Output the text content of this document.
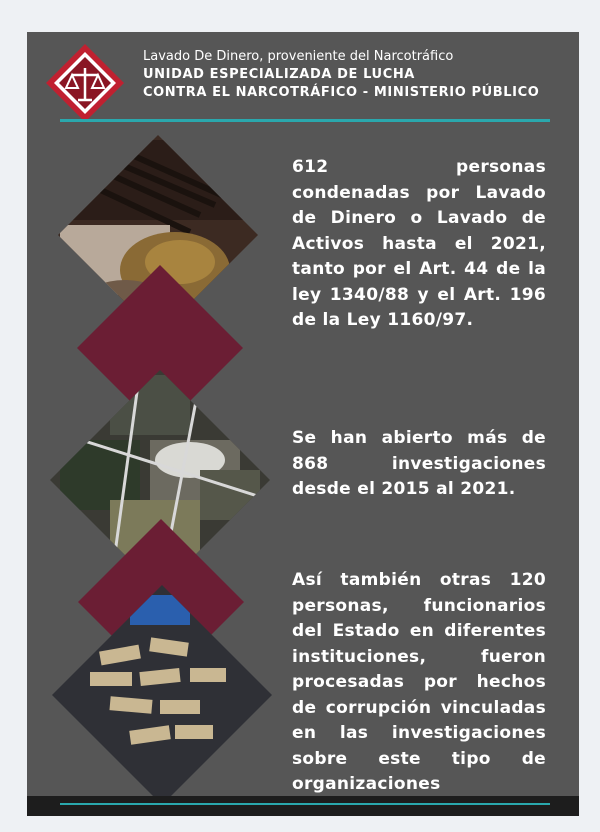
Lavado De Dinero, proveniente del Narcotráfico
UNIDAD ESPECIALIZADA DE LUCHA
CONTRA EL NARCOTRÁFICO - MINISTERIO PÚBLICO
612 personas condenadas por Lavado de Dinero o Lavado de Activos hasta el 2021, tanto por el Art. 44 de la ley 1340/88 y el Art. 196 de la Ley 1160/97.
Se han abierto más de 868 investigaciones desde el 2015 al 2021.
Así también otras 120 personas, funcionarios del Estado en diferentes instituciones, fueron procesadas por hechos de corrupción vinculadas en las investigaciones sobre este tipo de organizaciones
